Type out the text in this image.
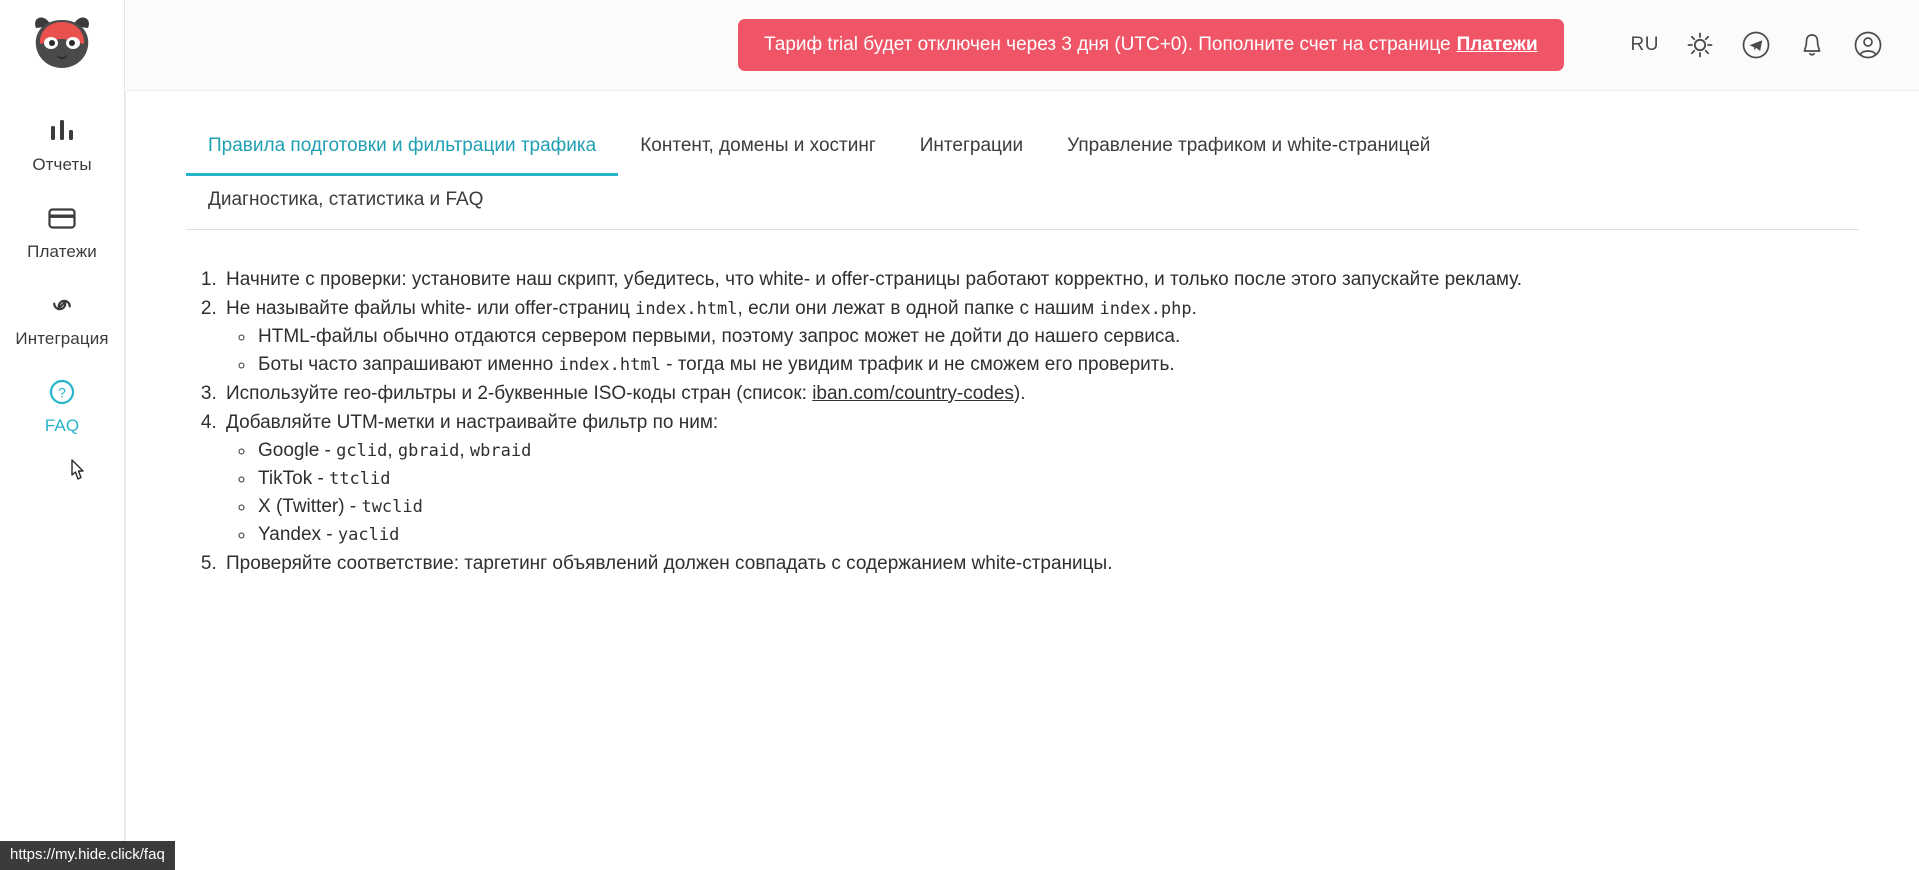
Отчеты
Платежи
Интеграция
?
FAQ
Тариф trial будет отключен через 3 дня (UTC+0). Пополните счет на странице Платежи	RU
Правила подготовки и фильтрации трафика	Контент, домены и хостинг	Интеграции	Управление трафиком и white-страницей
Диагностика, статистика и FAQ
1. Начните с проверки: установите наш скрипт, убедитесь, что white- и offer-страницы работают корректно, и только после этого запускайте рекламу.
2. Не называйте файлы white- или offer-страниц index.html, если они лежат в одной папке с нашим index.php.
◦ HTML-файлы обычно отдаются сервером первыми, поэтому запрос может не дойти до нашего сервиса.
◦ Боты часто запрашивают именно index.html - тогда мы не увидим трафик и не сможем его проверить.
3. Используйте гео-фильтры и 2-буквенные ISO-коды стран (список: iban.com/country-codes).
4. Добавляйте UTM-метки и настраивайте фильтр по ним:
◦ Google - gclid, gbraid, wbraid
◦ TikTok - ttclid
◦ X (Twitter) - twclid
◦ Yandex - yaclid
5. Проверяйте соответствие: таргетинг объявлений должен совпадать с содержанием white-страницы.
https://my.hide.click/faq
